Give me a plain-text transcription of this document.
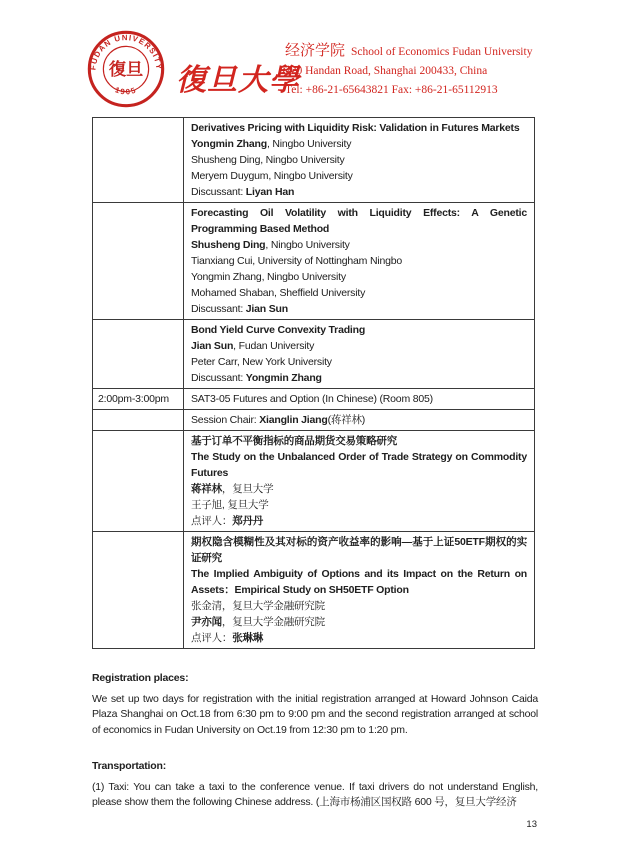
FUDAN UNIVERSITY
1905
復旦 復旦大學
经济学院 School of Economics Fudan University
220 Handan Road, Shanghai 200433, China
Tel: +86-21-65643821 Fax: +86-21-65112913

	Derivatives Pricing with Liquidity Risk: Validation in Futures Markets
Yongmin Zhang, Ningbo University
Shusheng Ding, Ningbo University
Meryem Duygum, Ningbo University
Discussant: Liyan Han

Forecasting Oil Volatility with Liquidity Effects: A Genetic Programming Based Method
Shusheng Ding, Ningbo University
Tianxiang Cui, University of Nottingham Ningbo
Yongmin Zhang, Ningbo University
Mohamed Shaban, Sheffield University
Discussant: Jian Sun

	Bond Yield Curve Convexity Trading
Jian Sun, Fudan University
Peter Carr, New York University
Discussant: Yongmin Zhang

2:00pm-3:00pm	SAT3-05 Futures and Option (In Chinese) (Room 805)

	Session Chair: Xianglin Jiang(蒋祥林)

	基于订单不平衡指标的商品期货交易策略研究
The Study on the Unbalanced Order of Trade Strategy on Commodity Futures
蒋祥林，复旦大学
王子旭, 复旦大学
点评人：郑丹丹

	期权隐含模糊性及其对标的资产收益率的影响—基于上证50ETF期权的实证研究
The Implied Ambiguity of Options and its Impact on the Return on Assets：Empirical Study on SH50ETF Option
张金清，复旦大学金融研究院
尹亦闻，复旦大学金融研究院
点评人：张琳琳
Registration places:

We set up two days for registration with the initial registration arranged at Howard Johnson Caida Plaza Shanghai on Oct.18 from 6:30 pm to 9:00 pm and the second registration arranged at school of economics in Fudan University on Oct.19 from 12:30 pm to 1:20 pm.

Transportation:

(1) Taxi: You can take a taxi to the conference venue. If taxi drivers do not understand English, please show them the following Chinese address. (上海市杨浦区国权路 600 号，复旦大学经济

13
